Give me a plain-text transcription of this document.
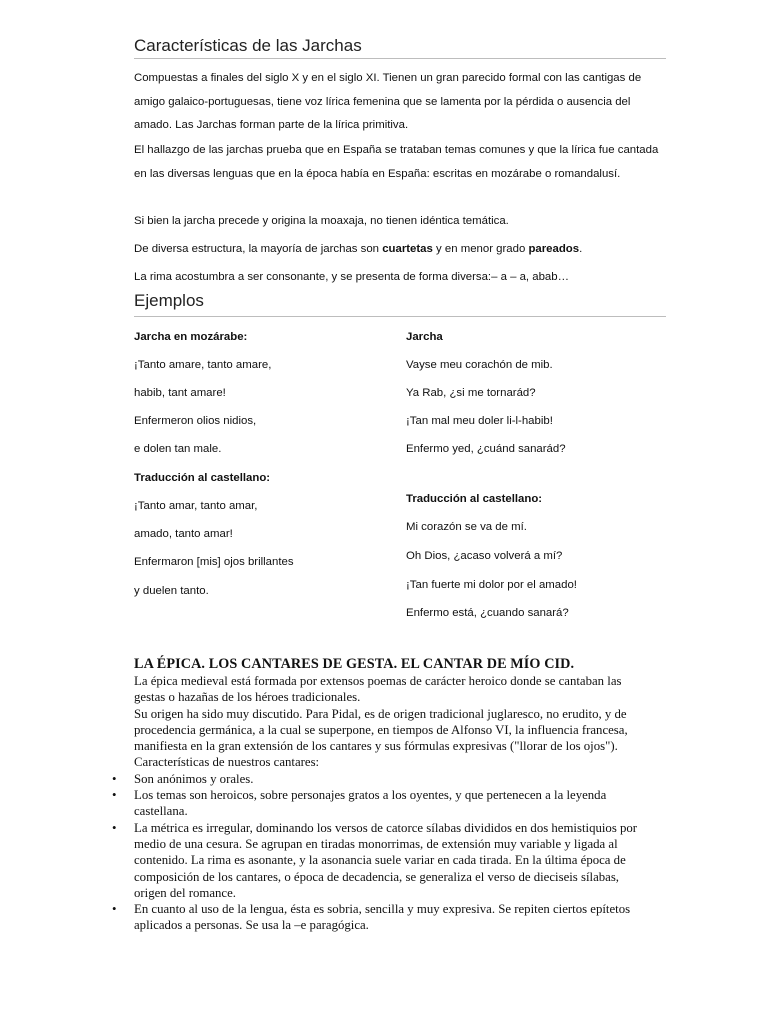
Características de las Jarchas
Compuestas a finales del siglo X y en el siglo XI. Tienen un gran parecido formal con las cantigas de amigo galaico-portuguesas, tiene voz lírica femenina que se lamenta por la pérdida o ausencia del amado. Las Jarchas forman parte de la lírica primitiva.
El hallazgo de las jarchas prueba que en España se trataban temas comunes y que la lírica fue cantada en las diversas lenguas que en la época había en España: escritas en mozárabe o romandalusí.
Si bien la jarcha precede y origina la moaxaja, no tienen idéntica temática.
De diversa estructura, la mayoría de jarchas son cuartetas y en menor grado pareados.
La rima acostumbra a ser consonante, y se presenta de forma diversa:– a – a, abab…
Ejemplos
Jarcha en mozárabe:
¡Tanto amare, tanto amare,
habib, tant amare!
Enfermeron olios nidios,
e dolen tan male.
Traducción al castellano:
¡Tanto amar, tanto amar,
amado, tanto amar!
Enfermaron [mis] ojos brillantes
y duelen tanto.
Jarcha
Vayse meu corachón de mib.
Ya Rab, ¿si me tornarád?
¡Tan mal meu doler li-l-habib!
Enfermo yed, ¿cuánd sanarád?
Traducción al castellano:
Mi corazón se va de mí.
Oh Dios, ¿acaso volverá a mí?
¡Tan fuerte mi dolor por el amado!
Enfermo está, ¿cuando sanará?
LA ÉPICA. LOS CANTARES DE GESTA. EL CANTAR DE MÍO CID.

La épica medieval está formada por extensos poemas de carácter heroico donde se cantaban las gestas o hazañas de los héroes tradicionales.

Su origen ha sido muy discutido. Para Pidal, es de origen tradicional juglaresco, no erudito, y de procedencia germánica, a la cual se superpone, en tiempos de Alfonso VI, la influencia francesa, manifiesta en la gran extensión de los cantares y sus fórmulas expresivas ("llorar de los ojos").

Características de nuestros cantares:

• Son anónimos y orales.
• Los temas son heroicos, sobre personajes gratos a los oyentes, y que pertenecen a la leyenda castellana.
• La métrica es irregular, dominando los versos de catorce sílabas divididos en dos hemistiquios por medio de una cesura. Se agrupan en tiradas monorrimas, de extensión muy variable y ligada al contenido. La rima es asonante, y la asonancia suele variar en cada tirada. En la última época de composición de los cantares, o época de decadencia, se generaliza el verso de dieciseis sílabas, origen del romance.
• En cuanto al uso de la lengua, ésta es sobria, sencilla y muy expresiva. Se repiten ciertos epítetos aplicados a personas. Se usa la –e paragógica.
